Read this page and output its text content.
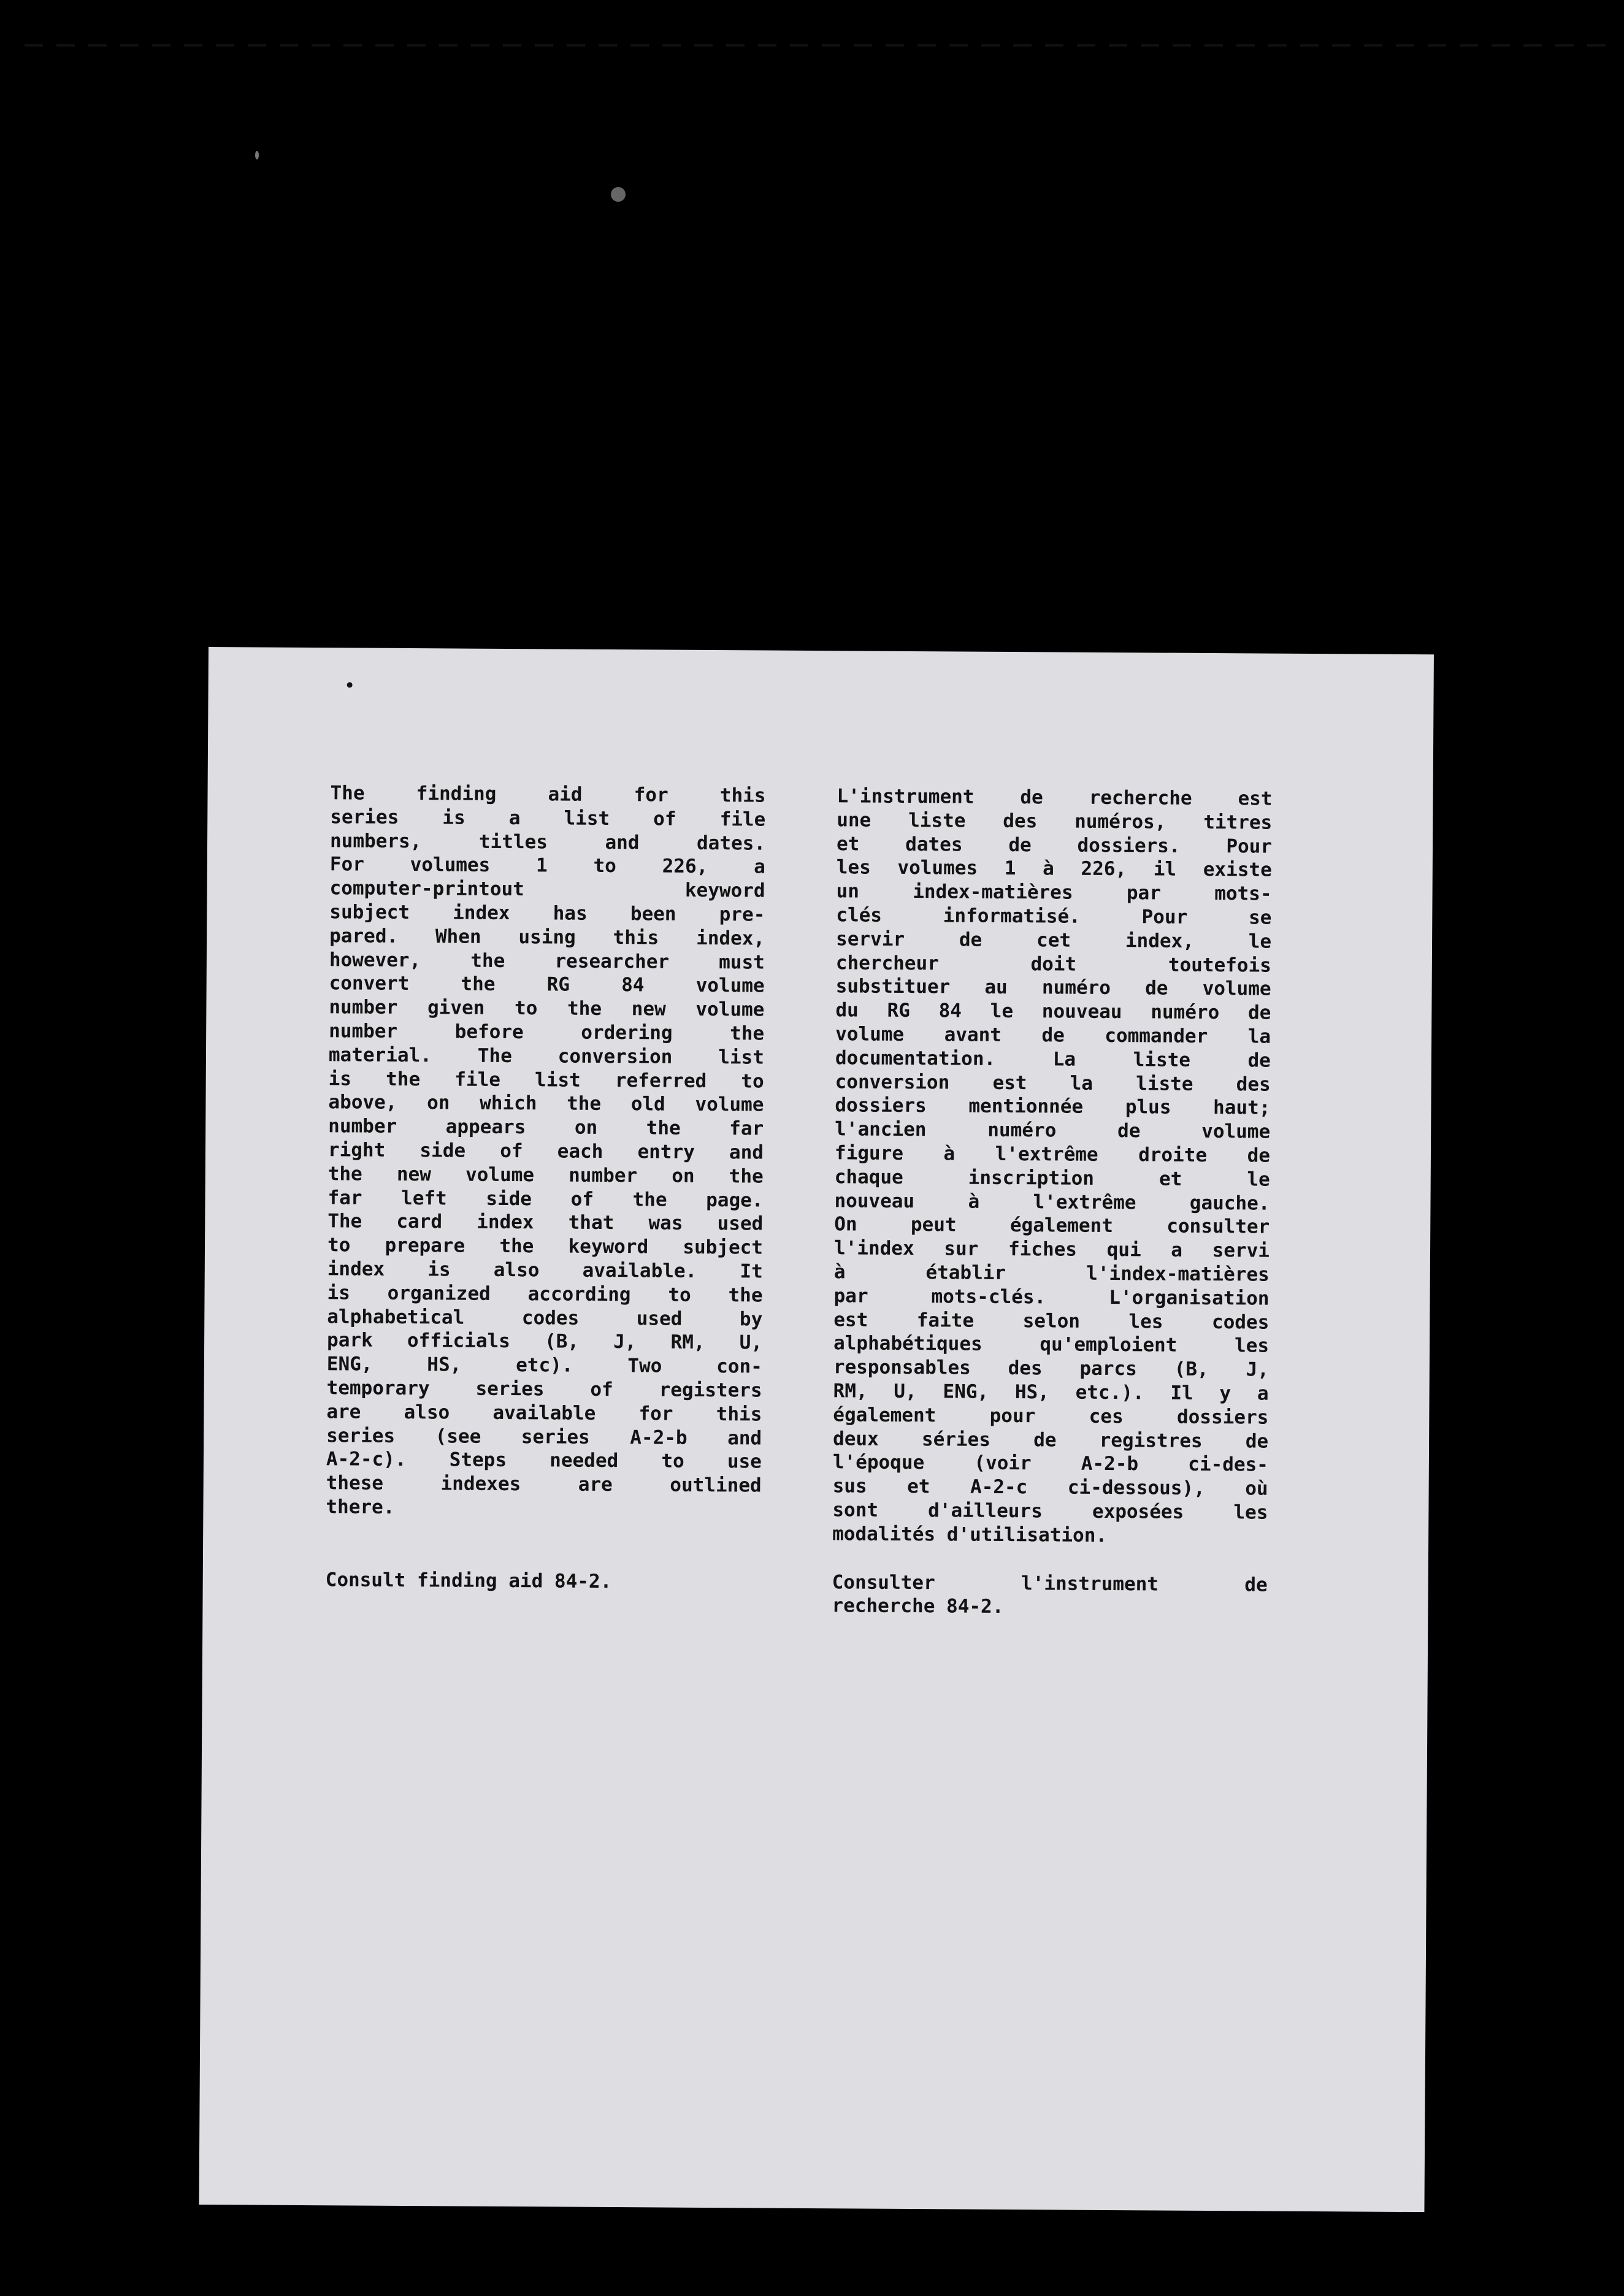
The finding aid for this
series is a list of file
numbers, titles and dates.
For volumes 1 to 226, a
computer-printout keyword
subject index has been pre-
pared. When using this index,
however, the researcher must
convert the RG 84 volume
number given to the new volume
number before ordering the
material. The conversion list
is the file list referred to
above, on which the old volume
number appears on the far
right side of each entry and
the new volume number on the
far left side of the page.
The card index that was used
to prepare the keyword subject
index is also available. It
is organized according to the
alphabetical codes used by
park officials (B, J, RM, U,
ENG, HS, etc). Two con-
temporary series of registers
are also available for this
series (see series A-2-b and
A-2-c). Steps needed to use
these indexes are outlined
there.
Consult finding aid 84-2.
L'instrument de recherche est
une liste des numéros, titres
et dates de dossiers. Pour
les volumes 1 à 226, il existe
un index-matières par mots-
clés informatisé. Pour se
servir de cet index, le
chercheur doit toutefois
substituer au numéro de volume
du RG 84 le nouveau numéro de
volume avant de commander la
documentation. La liste de
conversion est la liste des
dossiers mentionnée plus haut;
l'ancien numéro de volume
figure à l'extrême droite de
chaque inscription et le
nouveau à l'extrême gauche.
On peut également consulter
l'index sur fiches qui a servi
à établir l'index-matières
par mots-clés. L'organisation
est faite selon les codes
alphabétiques qu'emploient les
responsables des parcs (B, J,
RM, U, ENG, HS, etc.). Il y a
également pour ces dossiers
deux séries de registres de
l'époque (voir A-2-b ci-des-
sus et A-2-c ci-dessous), où
sont d'ailleurs exposées les
modalités d'utilisation.
Consulter l'instrument de
recherche 84-2.
